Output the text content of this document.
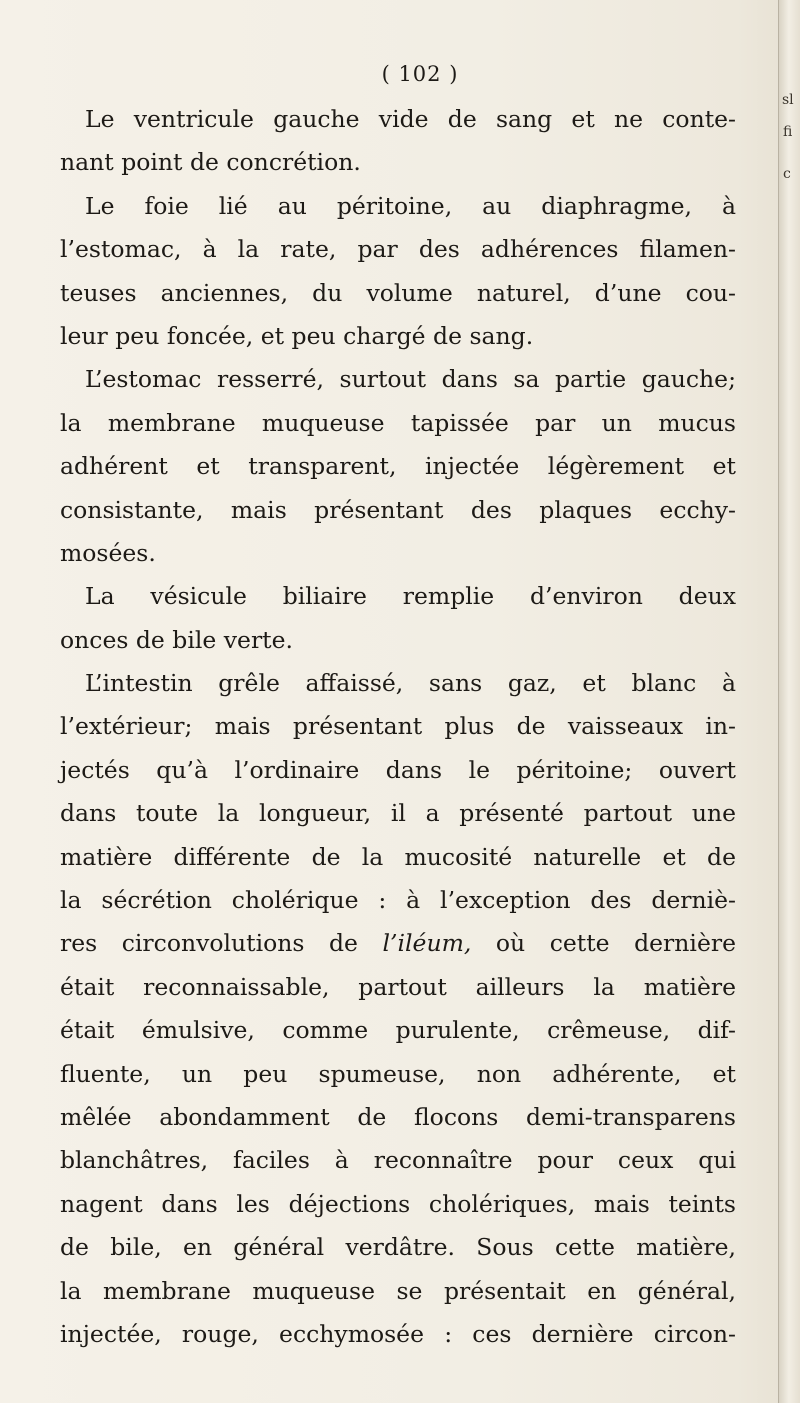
sl
fi
c
( 102 )
Le ventricule gauche vide de sang et ne conte-
nant point de concrétion.
Le foie lié au péritoine, au diaphragme, à
l’estomac, à la rate, par des adhérences filamen-
teuses anciennes, du volume naturel, d’une cou-
leur peu foncée, et peu chargé de sang.
L’estomac resserré, surtout dans sa partie gauche;
la membrane muqueuse tapissée par un mucus
adhérent et transparent, injectée légèrement et
consistante, mais présentant des plaques ecchy-
mosées.
La vésicule biliaire remplie d’environ deux
onces de bile verte.
L’intestin grêle affaissé, sans gaz, et blanc à
l’extérieur; mais présentant plus de vaisseaux in-
jectés qu’à l’ordinaire dans le péritoine; ouvert
dans toute la longueur, il a présenté partout une
matière différente de la mucosité naturelle et de
la sécrétion cholérique : à l’exception des derniè-
res circonvolutions de l’iléum, où cette dernière
était reconnaissable, partout ailleurs la matière
était émulsive, comme purulente, crêmeuse, dif-
fluente, un peu spumeuse, non adhérente, et
mêlée abondamment de flocons demi-transparens
blanchâtres, faciles à reconnaître pour ceux qui
nagent dans les déjections cholériques, mais teints
de bile, en général verdâtre. Sous cette matière,
la membrane muqueuse se présentait en général,
injectée, rouge, ecchymosée : ces dernière circon-
